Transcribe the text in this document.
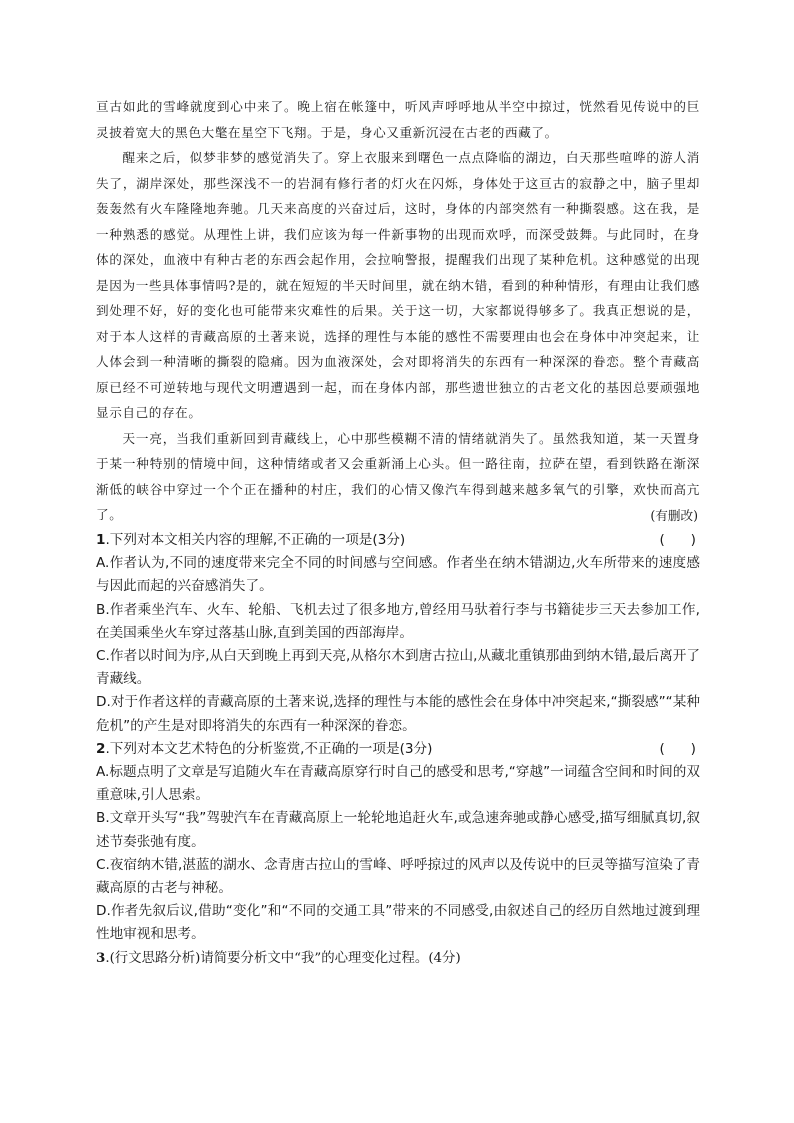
亘古如此的雪峰就度到心中来了。晚上宿在帐篷中，听风声呼呼地从半空中掠过，恍然看见传说中的巨灵披着宽大的黑色大氅在星空下飞翔。于是，身心又重新沉浸在古老的西藏了。

醒来之后，似梦非梦的感觉消失了。穿上衣服来到曙色一点点降临的湖边，白天那些喧哗的游人消失了，湖岸深处，那些深浅不一的岩洞有修行者的灯火在闪烁，身体处于这亘古的寂静之中，脑子里却轰轰然有火车隆隆地奔驰。几天来高度的兴奋过后，这时，身体的内部突然有一种撕裂感。这在我，是一种熟悉的感觉。从理性上讲，我们应该为每一件新事物的出现而欢呼，而深受鼓舞。与此同时，在身体的深处，血液中有种古老的东西会起作用，会拉响警报，提醒我们出现了某种危机。这种感觉的出现是因为一些具体事情吗?是的，就在短短的半天时间里，就在纳木错，看到的种种情形，有理由让我们感到处理不好，好的变化也可能带来灾难性的后果。关于这一切，大家都说得够多了。我真正想说的是，对于本人这样的青藏高原的土著来说，选择的理性与本能的感性不需要理由也会在身体中冲突起来，让人体会到一种清晰的撕裂的隐痛。因为血液深处，会对即将消失的东西有一种深深的眷恋。整个青藏高原已经不可逆转地与现代文明遭遇到一起，而在身体内部，那些遗世独立的古老文化的基因总要顽强地显示自己的存在。

天一亮，当我们重新回到青藏线上，心中那些模糊不清的情绪就消失了。虽然我知道，某一天置身于某一种特别的情境中间，这种情绪或者又会重新涌上心头。但一路往南，拉萨在望，看到铁路在渐深渐低的峡谷中穿过一个个正在播种的村庄，我们的心情又像汽车得到越来越多氧气的引擎，欢快而高亢了。	(有删改)
1.下列对本文相关内容的理解,不正确的一项是(3分)	(      )

A.作者认为,不同的速度带来完全不同的时间感与空间感。作者坐在纳木错湖边,火车所带来的速度感与因此而起的兴奋感消失了。

B.作者乘坐汽车、火车、轮船、飞机去过了很多地方,曾经用马驮着行李与书籍徒步三天去参加工作,在美国乘坐火车穿过落基山脉,直到美国的西部海岸。

C.作者以时间为序,从白天到晚上再到天亮,从格尔木到唐古拉山,从藏北重镇那曲到纳木错,最后离开了青藏线。

D.对于作者这样的青藏高原的土著来说,选择的理性与本能的感性会在身体中冲突起来,“撕裂感”“某种危机”的产生是对即将消失的东西有一种深深的眷恋。

2.下列对本文艺术特色的分析鉴赏,不正确的一项是(3分)	(      )

A.标题点明了文章是写追随火车在青藏高原穿行时自己的感受和思考,“穿越”一词蕴含空间和时间的双重意味,引人思索。

B.文章开头写“我”驾驶汽车在青藏高原上一轮轮地追赶火车,或急速奔驰或静心感受,描写细腻真切,叙述节奏张弛有度。

C.夜宿纳木错,湛蓝的湖水、念青唐古拉山的雪峰、呼呼掠过的风声以及传说中的巨灵等描写渲染了青藏高原的古老与神秘。

D.作者先叙后议,借助“变化”和“不同的交通工具”带来的不同感受,由叙述自己的经历自然地过渡到理性地审视和思考。

3.(行文思路分析)请简要分析文中“我”的心理变化过程。(4分)
